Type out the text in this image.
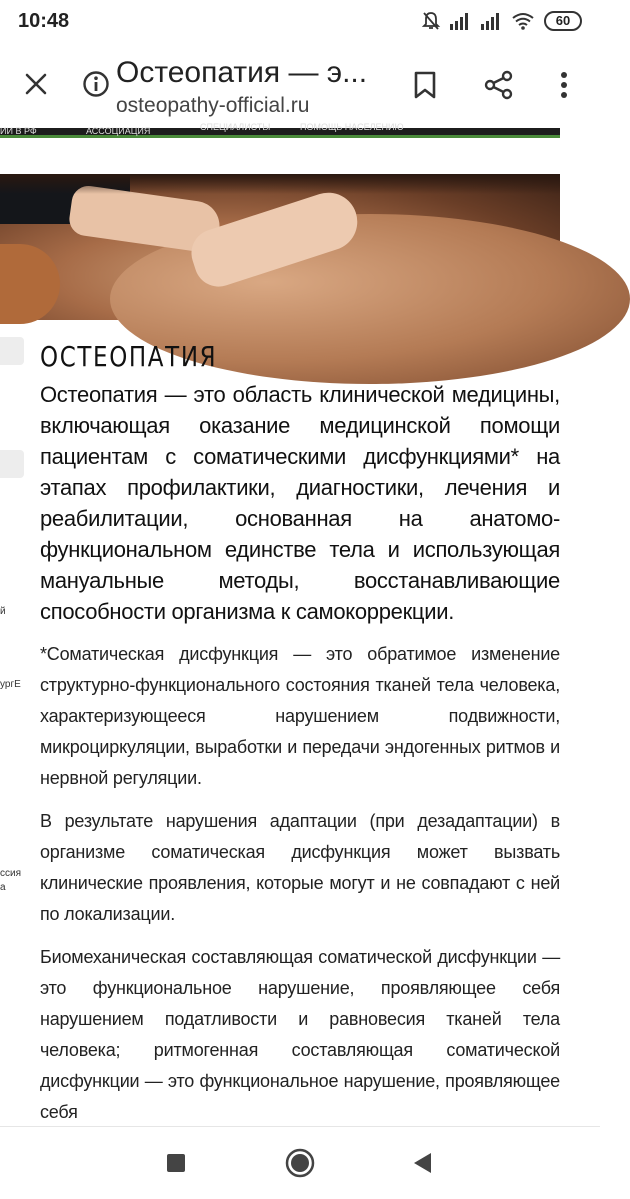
10:48	60
Остеопатия — э...
osteopathy-official.ru
ИИ В РФ	АССОЦИАЦИЯ	СПЕЦИАЛИСТЫ	ПОМОЩЬ НАСЕЛЕНИЮ
й
ургЕ
ссия
а
ОСТЕОПАТИЯ

Остеопатия — это область клинической медицины, включающая оказание медицинской помощи пациентам с соматическими дисфункциями* на этапах профилактики, диагностики, лечения и реабилитации, основанная на анатомо-функциональном единстве тела и использующая мануальные методы, восстанавливающие способности организма к самокоррекции.

*Соматическая дисфункция — это обратимое изменение структурно-функционального состояния тканей тела человека, характеризующееся нарушением подвижности, микроциркуляции, выработки и передачи эндогенных ритмов и нервной регуляции.

В результате нарушения адаптации (при дезадаптации) в организме соматическая дисфункция может вызвать клинические проявления, которые могут и не совпадают с ней по локализации.

Биомеханическая составляющая соматической дисфункции — это функциональное нарушение, проявляющее себя нарушением податливости и равновесия тканей тела человека; ритмогенная составляющая соматической дисфункции — это функциональное нарушение, проявляющее себя
